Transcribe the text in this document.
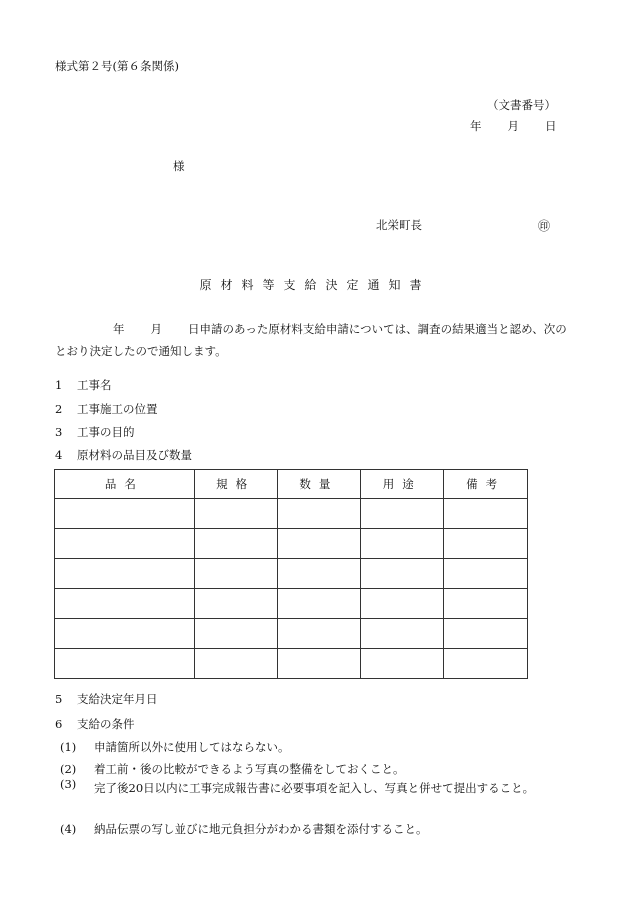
様式第２号(第６条関係)
（文書番号）
年 月 日
様
北栄町長	㊞
原材料等支給決定通知書
年 月 日申請のあった原材料支給申請については、調査の結果適当と認め、次のとおり決定したので通知します。
1 工事名
2 工事施工の位置
3 工事の目的
4 原材料の品目及び数量
品名	規格	数量	用途	備考

5 支給決定年月日
6 支給の条件
(1) 申請箇所以外に使用してはならない。
(2) 着工前・後の比較ができるよう写真の整備をしておくこと。
(3)	完了後20日以内に工事完成報告書に必要事項を記入し、写真と併せて提出すること。
(4) 納品伝票の写し並びに地元負担分がわかる書類を添付すること。
